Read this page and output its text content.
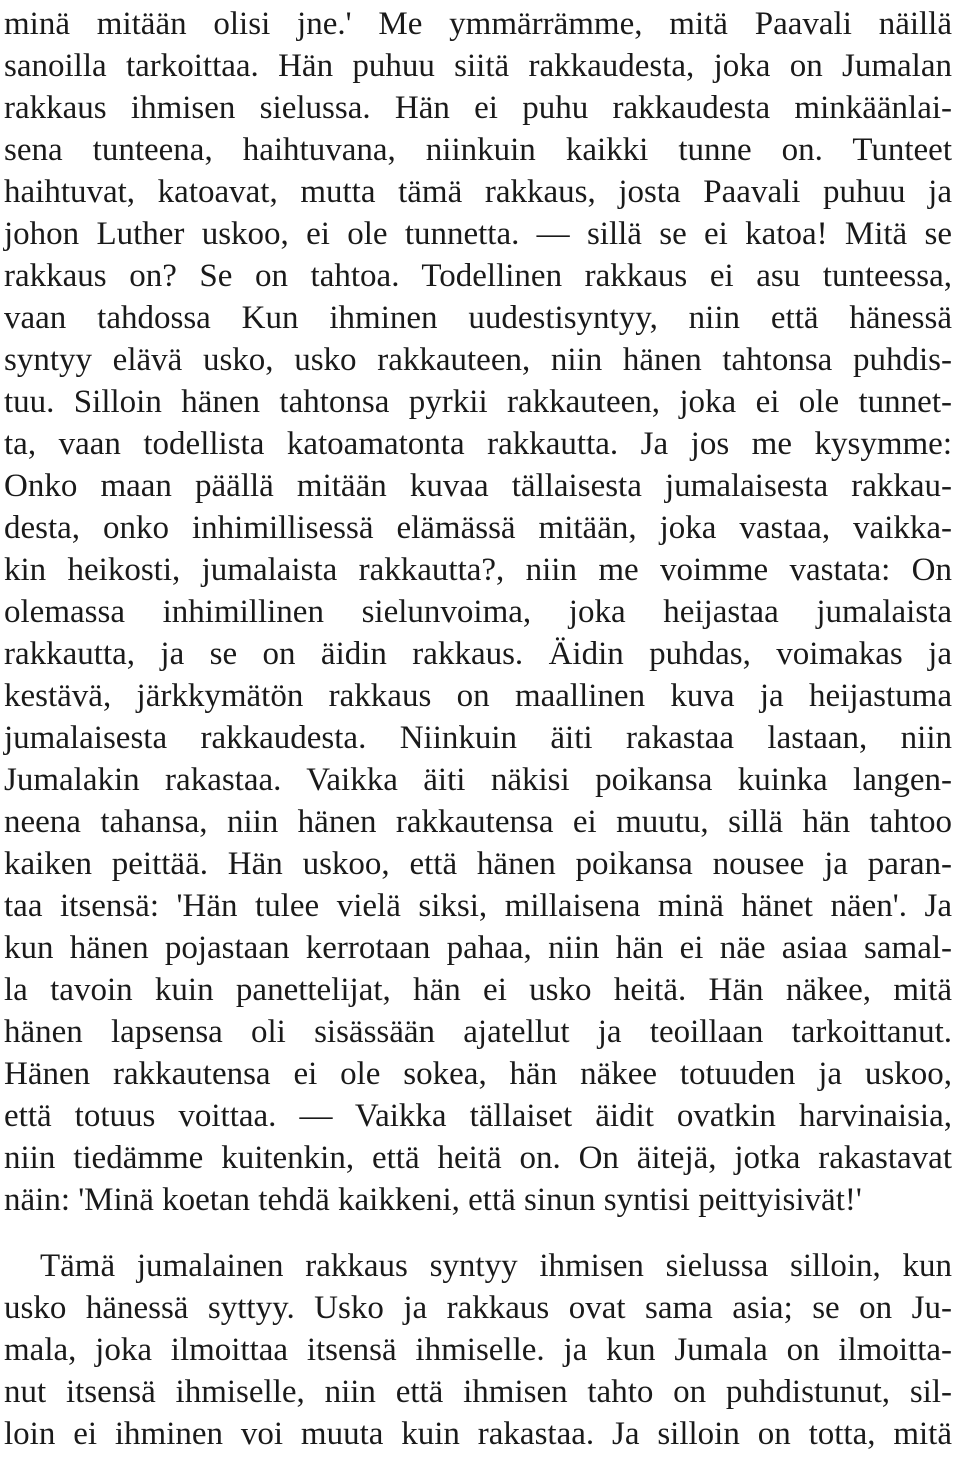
minä mitään olisi jne.' Me ymmärrämme, mitä Paavali näillä
sanoilla tarkoittaa. Hän puhuu siitä rakkaudesta, joka on Jumalan
rakkaus ihmisen sielussa. Hän ei puhu rakkaudesta minkäänlai-
sena tunteena, haihtuvana, niinkuin kaikki tunne on. Tunteet
haihtuvat, katoavat, mutta tämä rakkaus, josta Paavali puhuu ja
johon Luther uskoo, ei ole tunnetta. — sillä se ei katoa! Mitä se
rakkaus on? Se on tahtoa. Todellinen rakkaus ei asu tunteessa,
vaan tahdossa Kun ihminen uudestisyntyy, niin että hänessä
syntyy elävä usko, usko rakkauteen, niin hänen tahtonsa puhdis-
tuu. Silloin hänen tahtonsa pyrkii rakkauteen, joka ei ole tunnet-
ta, vaan todellista katoamatonta rakkautta. Ja jos me kysymme:
Onko maan päällä mitään kuvaa tällaisesta jumalaisesta rakkau-
desta, onko inhimillisessä elämässä mitään, joka vastaa, vaikka-
kin heikosti, jumalaista rakkautta?, niin me voimme vastata: On
olemassa inhimillinen sielunvoima, joka heijastaa jumalaista
rakkautta, ja se on äidin rakkaus. Äidin puhdas, voimakas ja
kestävä, järkkymätön rakkaus on maallinen kuva ja heijastuma
jumalaisesta rakkaudesta. Niinkuin äiti rakastaa lastaan, niin
Jumalakin rakastaa. Vaikka äiti näkisi poikansa kuinka langen-
neena tahansa, niin hänen rakkautensa ei muutu, sillä hän tahtoo
kaiken peittää. Hän uskoo, että hänen poikansa nousee ja paran-
taa itsensä: 'Hän tulee vielä siksi, millaisena minä hänet näen'. Ja
kun hänen pojastaan kerrotaan pahaa, niin hän ei näe asiaa samal-
la tavoin kuin panettelijat, hän ei usko heitä. Hän näkee, mitä
hänen lapsensa oli sisässään ajatellut ja teoillaan tarkoittanut.
Hänen rakkautensa ei ole sokea, hän näkee totuuden ja uskoo,
että totuus voittaa. — Vaikka tällaiset äidit ovatkin harvinaisia,
niin tiedämme kuitenkin, että heitä on. On äitejä, jotka rakastavat
näin: 'Minä koetan tehdä kaikkeni, että sinun syntisi peittyisivät!'
Tämä jumalainen rakkaus syntyy ihmisen sielussa silloin, kun
usko hänessä syttyy. Usko ja rakkaus ovat sama asia; se on Ju-
mala, joka ilmoittaa itsensä ihmiselle. ja kun Jumala on ilmoitta-
nut itsensä ihmiselle, niin että ihmisen tahto on puhdistunut, sil-
loin ei ihminen voi muuta kuin rakastaa. Ja silloin on totta, mitä
